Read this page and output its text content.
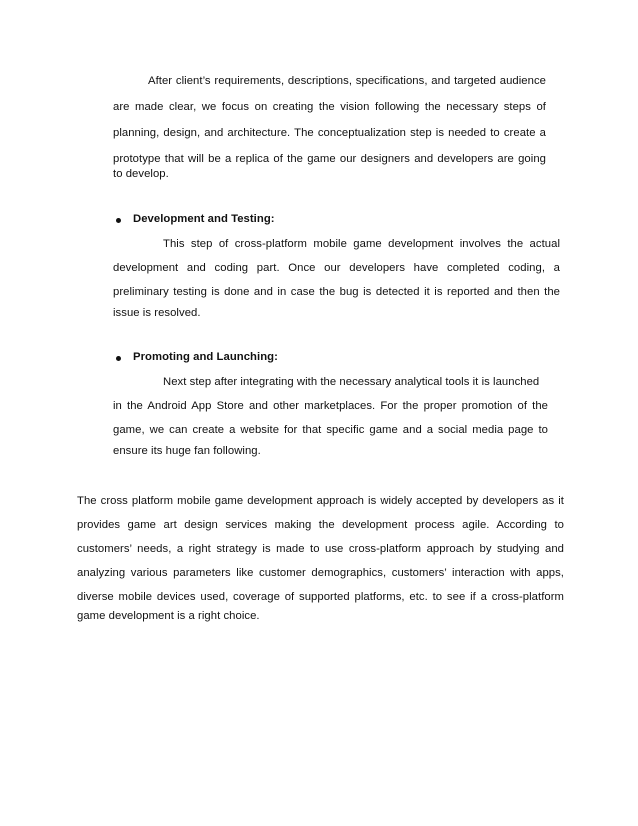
After client’s requirements, descriptions, specifications, and targeted audience
are made clear, we focus on creating the vision following the necessary steps of
planning, design, and architecture. The conceptualization step is needed to create a
prototype that will be a replica of the game our designers and developers are going
to develop.
Development and Testing:
This step of cross-platform mobile game development involves the actual
development and coding part. Once our developers have completed coding, a
preliminary testing is done and in case the bug is detected it is reported and then the
issue is resolved.
Promoting and Launching:
Next step after integrating with the necessary analytical tools it is launched
in the Android App Store and other marketplaces. For the proper promotion of the
game, we can create a website for that specific game and a social media page to
ensure its huge fan following.
The cross platform mobile game development approach is widely accepted by developers as it
provides game art design services making the development process agile. According to
customers’ needs, a right strategy is made to use cross-platform approach by studying and
analyzing various parameters like customer demographics, customers’ interaction with apps,
diverse mobile devices used, coverage of supported platforms, etc. to see if a cross-platform
game development is a right choice.
